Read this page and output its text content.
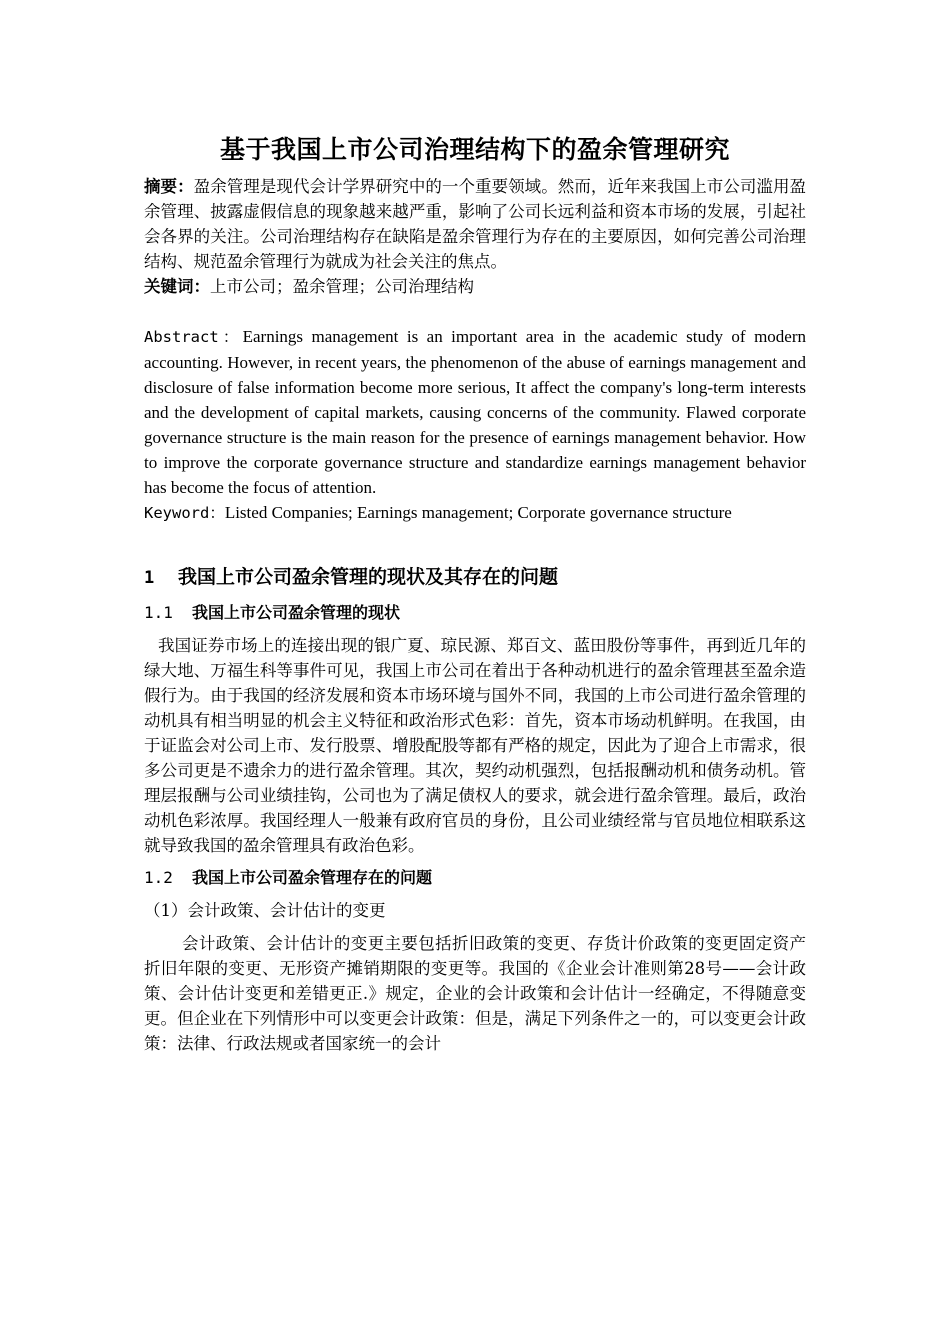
基于我国上市公司治理结构下的盈余管理研究

摘要：盈余管理是现代会计学界研究中的一个重要领域。然而，近年来我国上市公司滥用盈余管理、披露虚假信息的现象越来越严重，影响了公司长远利益和资本市场的发展，引起社会各界的关注。公司治理结构存在缺陷是盈余管理行为存在的主要原因，如何完善公司治理结构、规范盈余管理行为就成为社会关注的焦点。

关键词：上市公司；盈余管理；公司治理结构

Abstract：Earnings management is an important area in the academic study of modern accounting. However, in recent years, the phenomenon of the abuse of earnings management and disclosure of false information become more serious, It affect the company's long-term interests and the development of capital markets, causing concerns of the community. Flawed corporate governance structure is the main reason for the presence of earnings management behavior. How to improve the corporate governance structure and standardize earnings management behavior has become the focus of attention.

Keyword：Listed Companies; Earnings management; Corporate governance structure

1 我国上市公司盈余管理的现状及其存在的问题
1.1 我国上市公司盈余管理的现状

我国证券市场上的连接出现的银广夏、琼民源、郑百文、蓝田股份等事件，再到近几年的绿大地、万福生科等事件可见，我国上市公司在着出于各种动机进行的盈余管理甚至盈余造假行为。由于我国的经济发展和资本市场环境与国外不同，我国的上市公司进行盈余管理的动机具有相当明显的机会主义特征和政治形式色彩：首先，资本市场动机鲜明。在我国，由于证监会对公司上市、发行股票、增股配股等都有严格的规定，因此为了迎合上市需求，很多公司更是不遗余力的进行盈余管理。其次，契约动机强烈，包括报酬动机和债务动机。管理层报酬与公司业绩挂钩，公司也为了满足债权人的要求，就会进行盈余管理。最后，政治动机色彩浓厚。我国经理人一般兼有政府官员的身份，且公司业绩经常与官员地位相联系这就导致我国的盈余管理具有政治色彩。

1.2 我国上市公司盈余管理存在的问题

（1）会计政策、会计估计的变更

会计政策、会计估计的变更主要包括折旧政策的变更、存货计价政策的变更固定资产折旧年限的变更、无形资产摊销期限的变更等。我国的《企业会计准则第28号——会计政策、会计估计变更和差错更正.》规定，企业的会计政策和会计估计一经确定，不得随意变更。但企业在下列情形中可以变更会计政策：但是，满足下列条件之一的，可以变更会计政策：法律、行政法规或者国家统一的会计
